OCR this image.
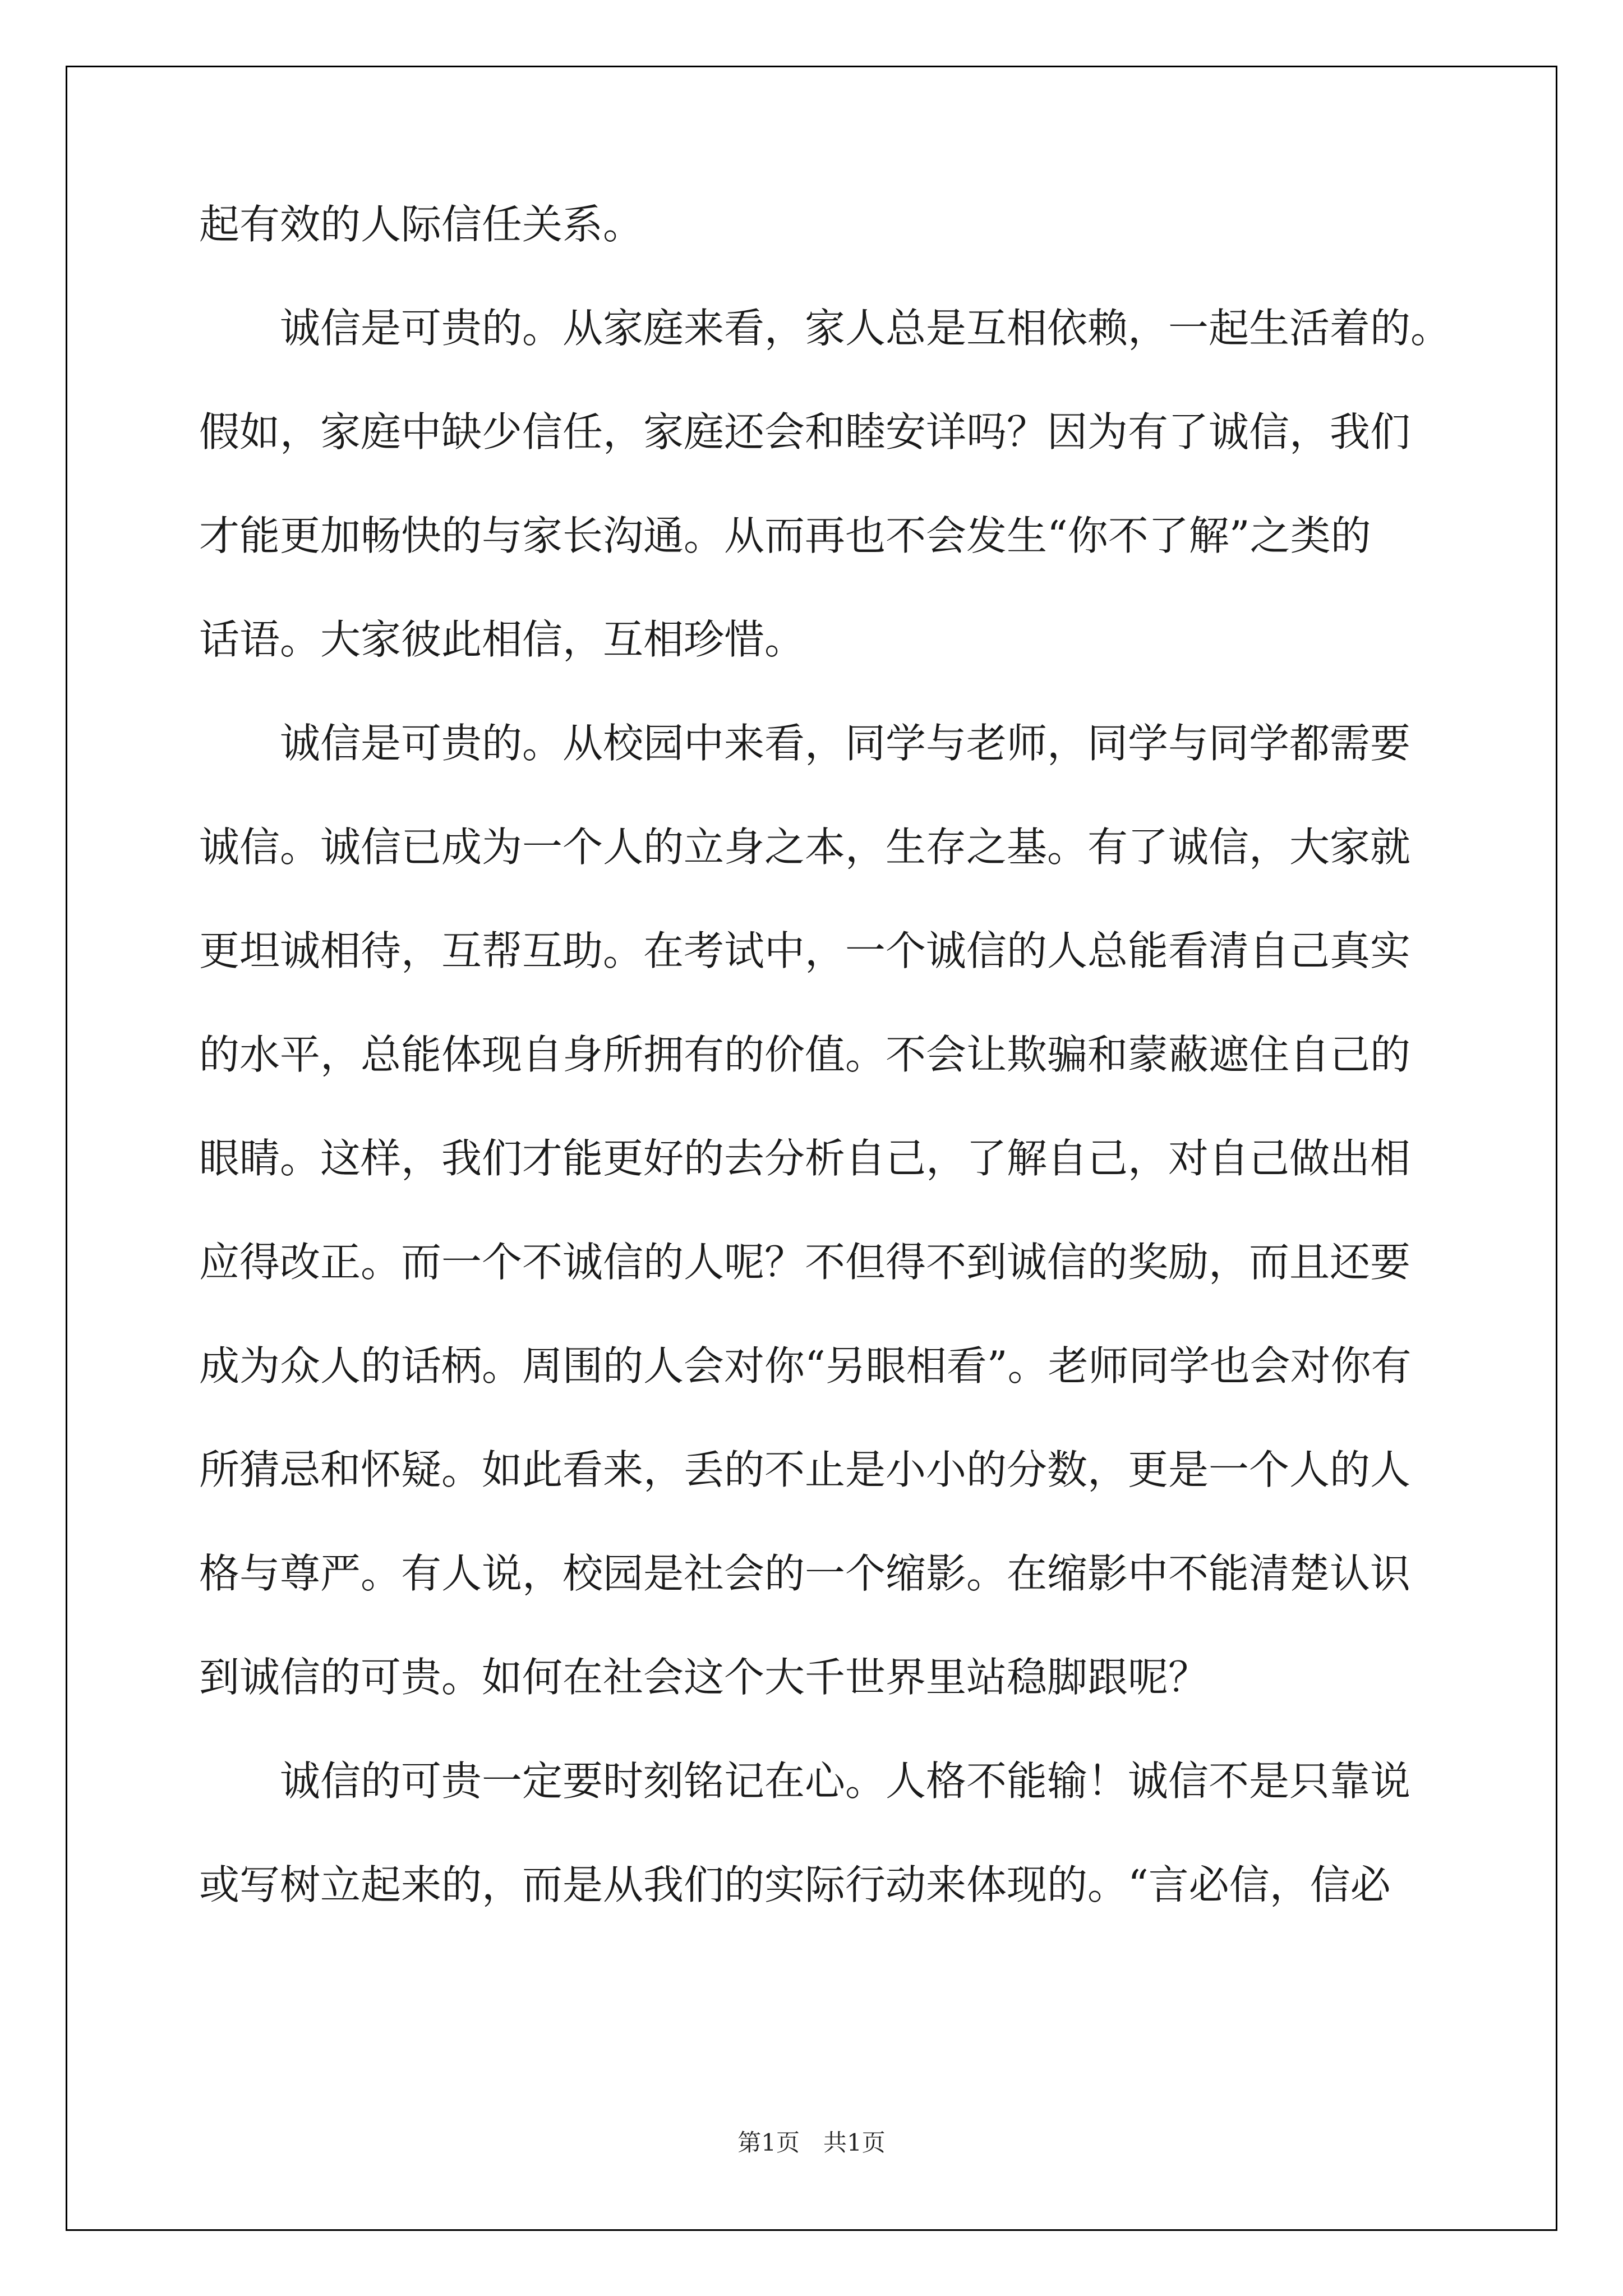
起有效的人际信任关系。
　　诚信是可贵的。从家庭来看，家人总是互相依赖，一起生活着的。
假如，家庭中缺少信任，家庭还会和睦安详吗？因为有了诚信，我们
才能更加畅快的与家长沟通。从而再也不会发生“你不了解”之类的
话语。大家彼此相信，互相珍惜。
　　诚信是可贵的。从校园中来看，同学与老师，同学与同学都需要
诚信。诚信已成为一个人的立身之本，生存之基。有了诚信，大家就
更坦诚相待，互帮互助。在考试中，一个诚信的人总能看清自己真实
的水平，总能体现自身所拥有的价值。不会让欺骗和蒙蔽遮住自己的
眼睛。这样，我们才能更好的去分析自己，了解自己，对自己做出相
应得改正。而一个不诚信的人呢？不但得不到诚信的奖励，而且还要
成为众人的话柄。周围的人会对你“另眼相看”。老师同学也会对你有
所猜忌和怀疑。如此看来，丢的不止是小小的分数，更是一个人的人
格与尊严。有人说，校园是社会的一个缩影。在缩影中不能清楚认识
到诚信的可贵。如何在社会这个大千世界里站稳脚跟呢？
　　诚信的可贵一定要时刻铭记在心。人格不能输！诚信不是只靠说
或写树立起来的，而是从我们的实际行动来体现的。“言必信，信必
第1页　共1页
